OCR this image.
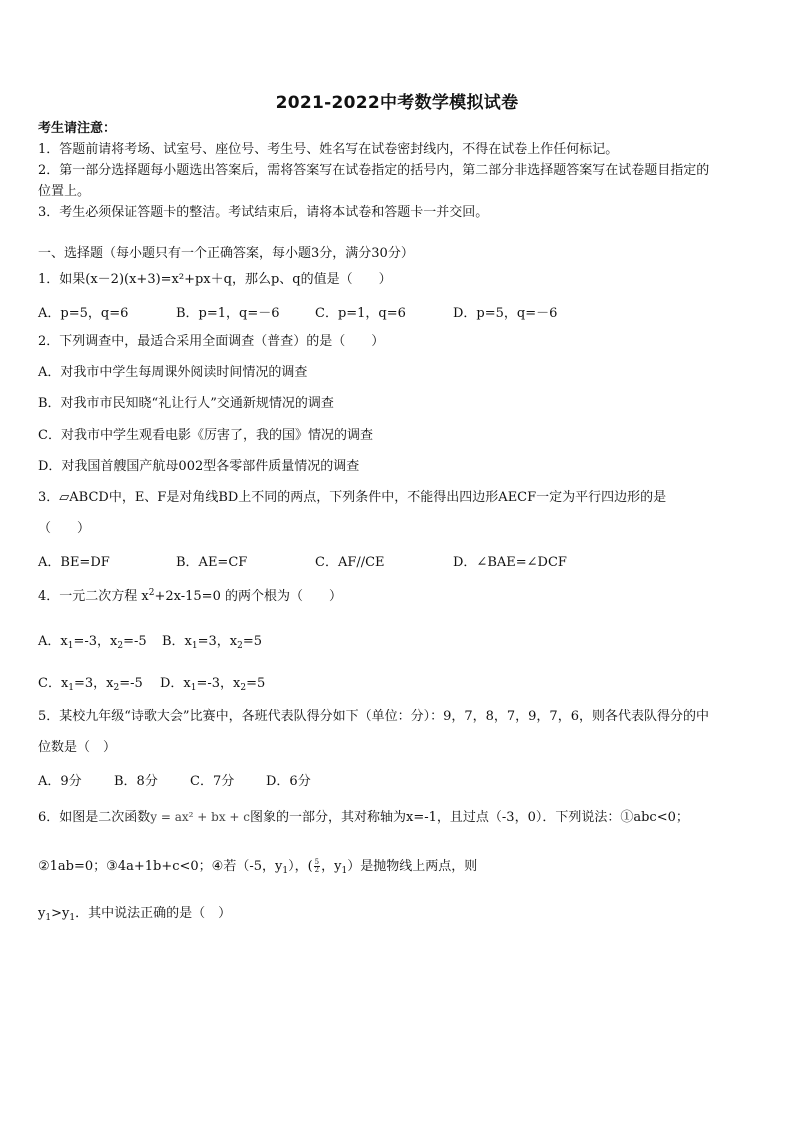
2021-2022中考数学模拟试卷
考生请注意：
1．答题前请将考场、试室号、座位号、考生号、姓名写在试卷密封线内，不得在试卷上作任何标记。
2．第一部分选择题每小题选出答案后，需将答案写在试卷指定的括号内，第二部分非选择题答案写在试卷题目指定的
位置上。
3．考生必须保证答题卡的整洁。考试结束后，请将本试卷和答题卡一并交回。
一、选择题（每小题只有一个正确答案，每小题3分，满分30分）
1．如果(x－2)(x+3)=x²+px＋q，那么p、q的值是（　　）
A．p=5，q=6	B．p=1，q=－6	C．p=1，q=6	D．p=5，q=－6
2．下列调查中，最适合采用全面调查（普查）的是（　　）
A．对我市中学生每周课外阅读时间情况的调查
B．对我市市民知晓“礼让行人”交通新规情况的调查
C．对我市中学生观看电影《厉害了，我的国》情况的调查
D．对我国首艘国产航母002型各零部件质量情况的调查
3．▱ABCD中，E、F是对角线BD上不同的两点，下列条件中，不能得出四边形AECF一定为平行四边形的是
（　　）
A．BE=DF	B．AE=CF	C．AF//CE	D．∠BAE=∠DCF
4．一元二次方程 $x^2+2x-15=0$ 的两个根为（　　）
A．$x_1=-3$，$x_2=-5$ B．$x_1=3$，$x_2=5$
C．$x_1=3$，$x_2=-5$ D．$x_1=-3$，$x_2=5$
5．某校九年级“诗歌大会”比赛中，各班代表队得分如下（单位：分）：9，7，8，7，9，7，6，则各代表队得分的中
位数是（　）
A．9分 B．8分 C．7分 D．6分
6．如图是二次函数y = ax² + bx + c图象的一部分，其对称轴为x=-1，且过点（-3，0）．下列说法：①abc<0；
②1ab=0；③4a+1b+c<0；④若（-5，$y_1$），( $\frac{5}{2}$ ，$y_1$）是抛物线上两点，则
$y_1>y_1$．其中说法正确的是（　）
